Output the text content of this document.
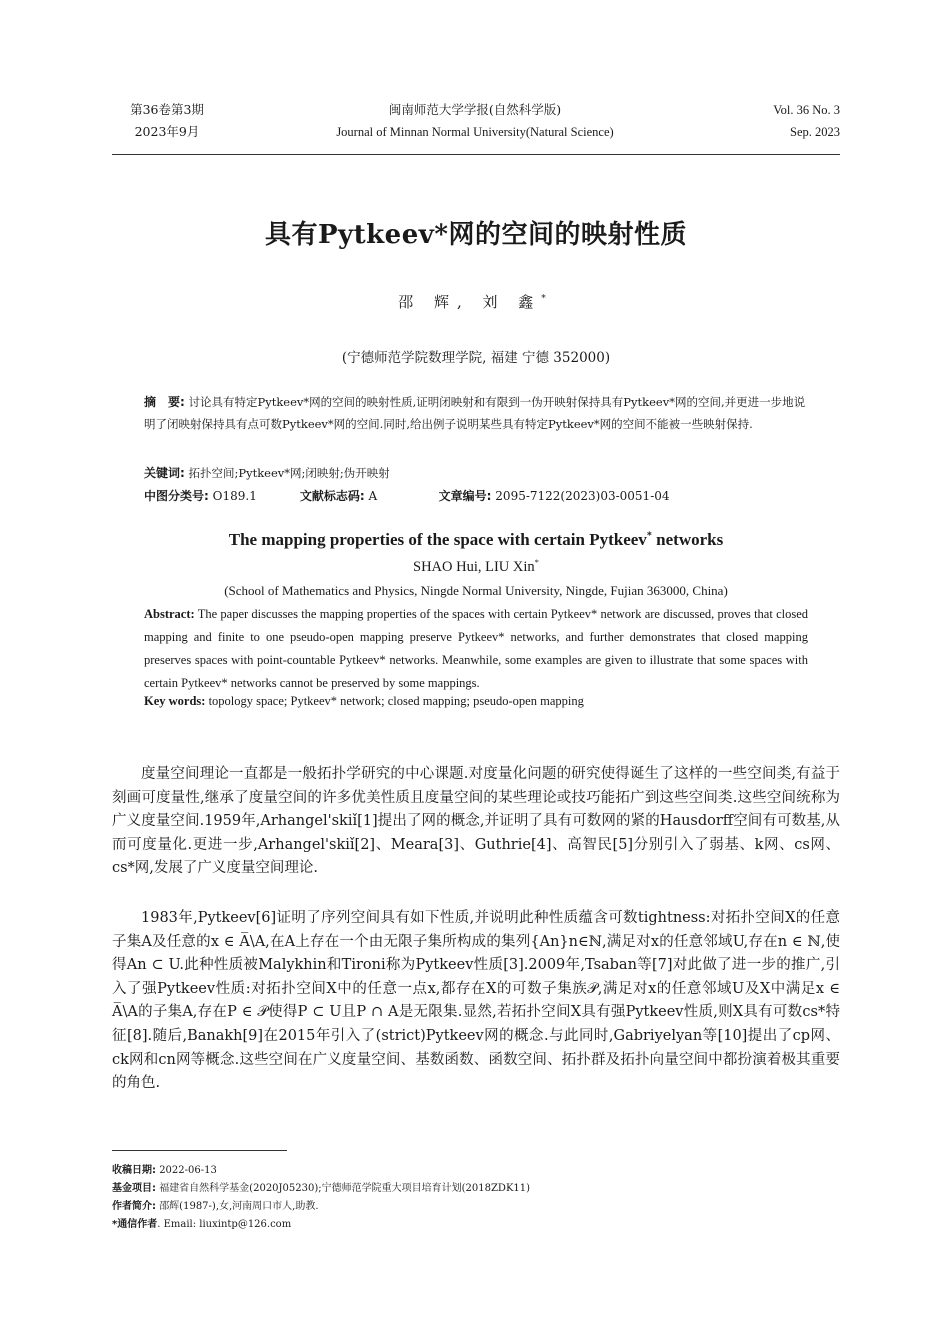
第36卷第3期
2023年9月
闽南师范大学学报(自然科学版)
Journal of Minnan Normal University(Natural Science)
Vol. 36 No. 3
Sep. 2023
具有Pytkeev*网的空间的映射性质
邵 辉, 刘 鑫*
(宁德师范学院数理学院, 福建 宁德 352000)
摘　要: 讨论具有特定Pytkeev*网的空间的映射性质,证明闭映射和有限到一伪开映射保持具有Pytkeev*网的空间,并更进一步地说明了闭映射保持具有点可数Pytkeev*网的空间.同时,给出例子说明某些具有特定Pytkeev*网的空间不能被一些映射保持.
关键词: 拓扑空间;Pytkeev*网;闭映射;伪开映射
中图分类号: O189.1	文献标志码: A	文章编号: 2095-7122(2023)03-0051-04
The mapping properties of the space with certain Pytkeev* networks
SHAO Hui, LIU Xin*
(School of Mathematics and Physics, Ningde Normal University, Ningde, Fujian 363000, China)
Abstract: The paper discusses the mapping properties of the spaces with certain Pytkeev* network are discussed, proves that closed mapping and finite to one pseudo-open mapping preserve Pytkeev* networks, and further demonstrates that closed mapping preserves spaces with point-countable Pytkeev* networks. Meanwhile, some examples are given to illustrate that some spaces with certain Pytkeev* networks cannot be preserved by some mappings.
Key words: topology space; Pytkeev* network; closed mapping; pseudo-open mapping
度量空间理论一直都是一般拓扑学研究的中心课题.对度量化问题的研究使得诞生了这样的一些空间类,有益于刻画可度量性,继承了度量空间的许多优美性质且度量空间的某些理论或技巧能拓广到这些空间类.这些空间统称为广义度量空间.1959年,Arhangel'skiǐ[1]提出了网的概念,并证明了具有可数网的紧的Hausdorff空间有可数基,从而可度量化.更进一步,Arhangel'skiǐ[2]、Meara[3]、Guthrie[4]、高智民[5]分别引入了弱基、k网、cs网、cs*网,发展了广义度量空间理论.
1983年,Pytkeev[6]证明了序列空间具有如下性质,并说明此种性质蕴含可数tightness:对拓扑空间X的任意子集A及任意的x ∈ A̅\A,在A上存在一个由无限子集所构成的集列{An}n∈ℕ,满足对x的任意邻域U,存在n ∈ ℕ,使得An ⊂ U.此种性质被Malykhin和Tironi称为Pytkeev性质[3].2009年,Tsaban等[7]对此做了进一步的推广,引入了强Pytkeev性质:对拓扑空间X中的任意一点x,都存在X的可数子集族𝒫,满足对x的任意邻域U及X中满足x ∈ A̅\A的子集A,存在P ∈ 𝒫使得P ⊂ U且P ∩ A是无限集.显然,若拓扑空间X具有强Pytkeev性质,则X具有可数cs*特征[8].随后,Banakh[9]在2015年引入了(strict)Pytkeev网的概念.与此同时,Gabriyelyan等[10]提出了cp网、ck网和cn网等概念.这些空间在广义度量空间、基数函数、函数空间、拓扑群及拓扑向量空间中都扮演着极其重要的角色.
收稿日期: 2022-06-13
基金项目: 福建省自然科学基金(2020J05230);宁德师范学院重大项目培育计划(2018ZDK11)
作者简介: 邵辉(1987-),女,河南周口市人,助教.
*通信作者. Email: liuxintp@126.com
